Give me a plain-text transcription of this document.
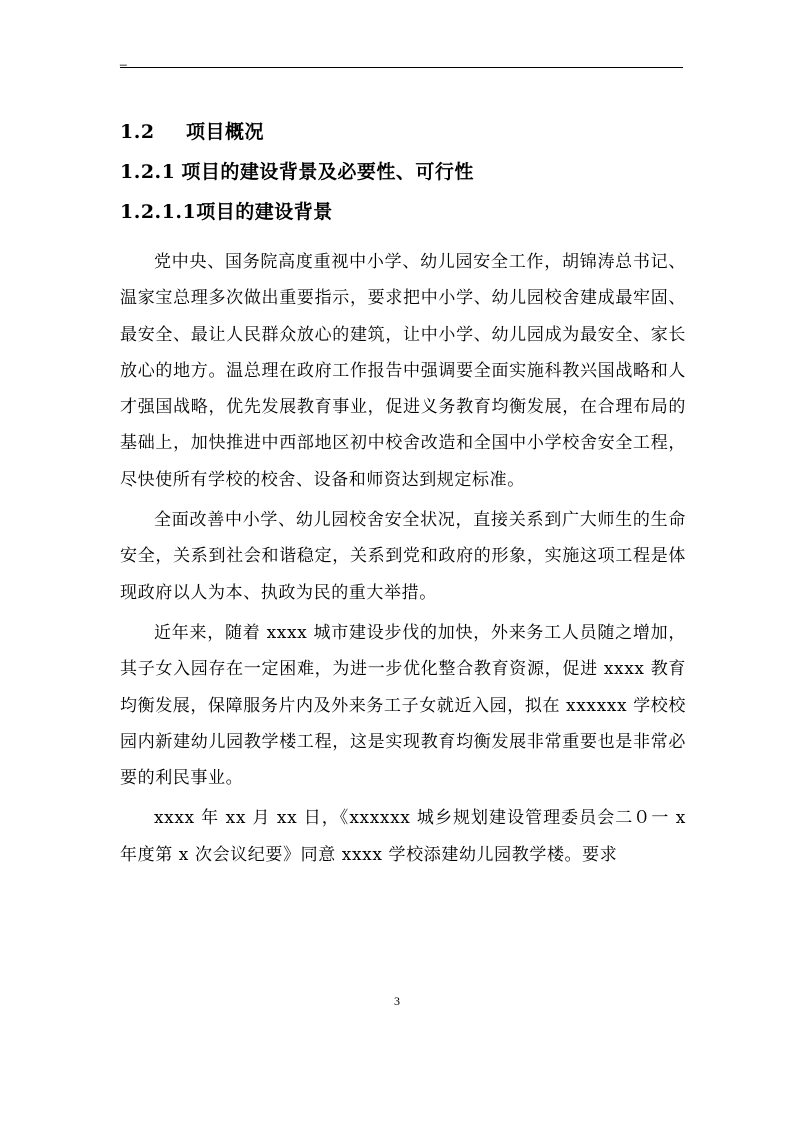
_
1.2 项目概况
1.2.1 项目的建设背景及必要性、可行性
1.2.1.1项目的建设背景

党中央、国务院高度重视中小学、幼儿园安全工作，胡锦涛总书记、温家宝总理多次做出重要指示，要求把中小学、幼儿园校舍建成最牢固、最安全、最让人民群众放心的建筑，让中小学、幼儿园成为最安全、家长放心的地方。温总理在政府工作报告中强调要全面实施科教兴国战略和人才强国战略，优先发展教育事业，促进义务教育均衡发展，在合理布局的基础上，加快推进中西部地区初中校舍改造和全国中小学校舍安全工程，尽快使所有学校的校舍、设备和师资达到规定标准。

全面改善中小学、幼儿园校舍安全状况，直接关系到广大师生的生命安全，关系到社会和谐稳定，关系到党和政府的形象，实施这项工程是体现政府以人为本、执政为民的重大举措。

近年来，随着 xxxx 城市建设步伐的加快，外来务工人员随之增加，其子女入园存在一定困难，为进一步优化整合教育资源，促进 xxxx 教育均衡发展，保障服务片内及外来务工子女就近入园，拟在 xxxxxx 学校校园内新建幼儿园教学楼工程，这是实现教育均衡发展非常重要也是非常必要的利民事业。

xxxx 年 xx 月 xx 日，《xxxxxx 城乡规划建设管理委员会二０一 x 年度第 x 次会议纪要》同意 xxxx 学校添建幼儿园教学楼。要求

3
